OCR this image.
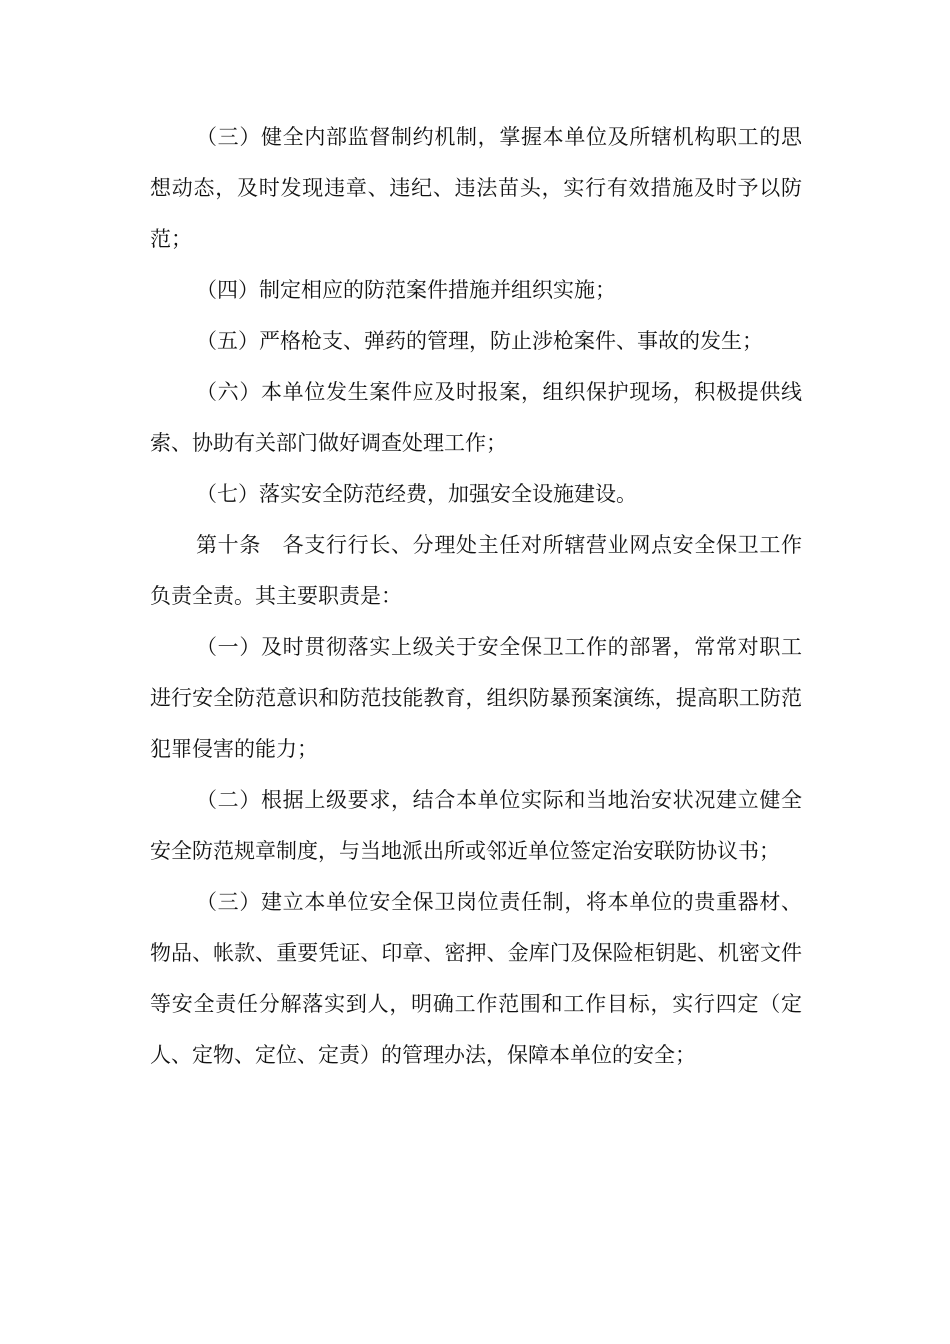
（三）健全内部监督制约机制，掌握本单位及所辖机构职工的思想动态，及时发现违章、违纪、违法苗头，实行有效措施及时予以防范；

（四）制定相应的防范案件措施并组织实施；

（五）严格枪支、弹药的管理，防止涉枪案件、事故的发生；

（六）本单位发生案件应及时报案，组织保护现场，积极提供线索、协助有关部门做好调查处理工作；

（七）落实安全防范经费，加强安全设施建设。

第十条　各支行行长、分理处主任对所辖营业网点安全保卫工作负责全责。其主要职责是：

（一）及时贯彻落实上级关于安全保卫工作的部署，常常对职工进行安全防范意识和防范技能教育，组织防暴预案演练，提高职工防范犯罪侵害的能力；

（二）根据上级要求，结合本单位实际和当地治安状况建立健全安全防范规章制度，与当地派出所或邻近单位签定治安联防协议书；

（三）建立本单位安全保卫岗位责任制，将本单位的贵重器材、物品、帐款、重要凭证、印章、密押、金库门及保险柜钥匙、机密文件等安全责任分解落实到人，明确工作范围和工作目标，实行四定（定人、定物、定位、定责）的管理办法，保障本单位的安全；
